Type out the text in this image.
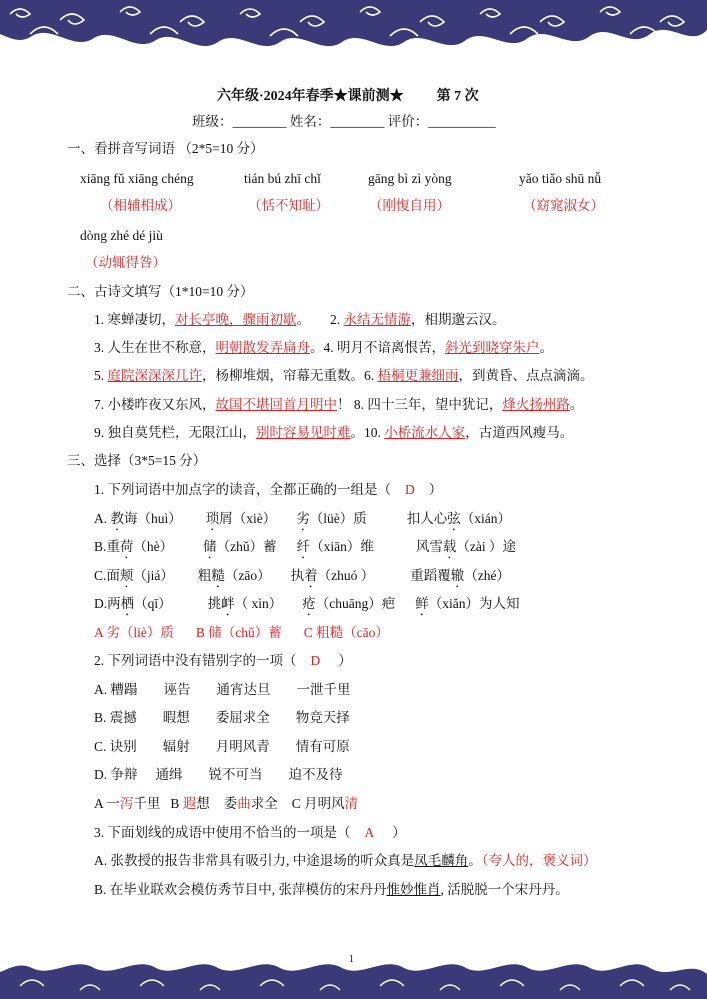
六年级·2024年春季★课前测★ 第 7 次
班级：________ 姓名：________ 评价：__________
一、看拼音写词语 （2*5=10 分）
xiāng fǔ xiāng chéng	tián bú zhī chǐ	gāng bì zì yòng	yǎo tiǎo shū nǚ
（相辅相成）	（恬不知耻）	（刚愎自用）	（窈窕淑女）
dòng zhé dé jiù
（动辄得咎）
二、古诗文填写（1*10=10 分）
1. 寒蝉凄切，对长亭晚，骤雨初歇。 2. 永结无情游，相期邈云汉。
3. 人生在世不称意，明朝散发弄扁舟。4. 明月不谙离恨苦，斜光到晓穿朱户。
5. 庭院深深深几许，杨柳堆烟，帘幕无重数。6. 梧桐更兼细雨，到黄昏、点点滴滴。
7. 小楼昨夜又东风，故国不堪回首月明中！ 8. 四十三年，望中犹记，烽火扬州路。
9. 独自莫凭栏，无限江山，别时容易见时难。10. 小桥流水人家，古道西风瘦马。
三、选择（3*5=15 分）
1. 下列词语中加点字的读音，全都正确的一组是（ D ）
A. 教诲（huì） 琐屑（xiè） 劣（lüè）质	扣人心弦（xián）
B.重荷（hè） 储（zhǔ）蓄 纤（xiān）维	风雪载（zài ）途
C.面颊（jiá） 粗糙（zāo） 执着（zhuó ）	重蹈覆辙（zhé）
D.两栖（qī）	挑衅（ xìn） 疮（chuāng）疤 鲜（xiǎn）为人知
A 劣（liè）质 B 储（chǔ）蓄 C 粗糙（cāo）
2. 下列词语中没有错别字的一项（ D ）
A. 糟蹋 诬告 通宵达旦 一泄千里
B. 震撼 暇想 委屈求全 物竞天择
C. 诀别 辐射 月明风青 情有可原
D. 争辩 通缉 锐不可当 迫不及待
A 一泻千里 B 遐想 委曲求全 C 月明风清
3. 下面划线的成语中使用不恰当的一项是（ A ）
A. 张教授的报告非常具有吸引力, 中途退场的听众真是凤毛麟角。（夸人的，褒义词）
B. 在毕业联欢会模仿秀节目中, 张萍模仿的宋丹丹惟妙惟肖, 活脱脱一个宋丹丹。
1
